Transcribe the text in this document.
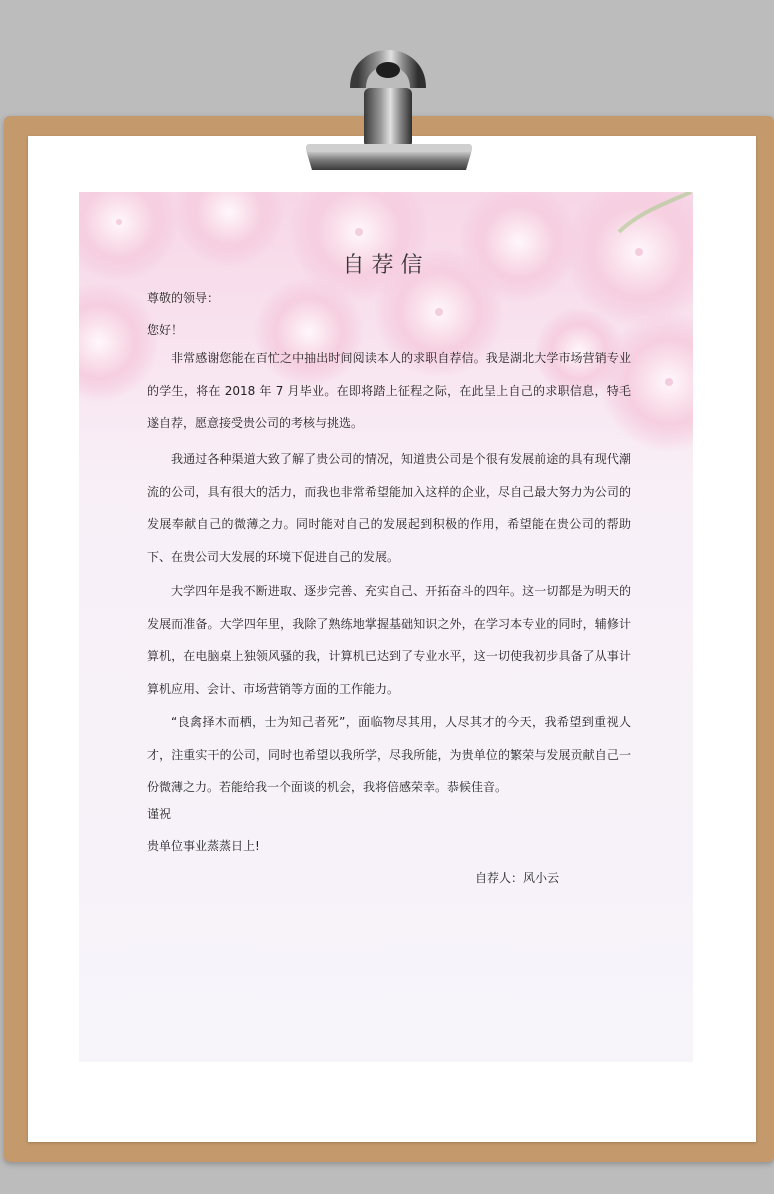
自荐信
尊敬的领导：
您好！

非常感谢您能在百忙之中抽出时间阅读本人的求职自荐信。我是湖北大学市场营销专业的学生，将在 2018 年 7 月毕业。在即将踏上征程之际，在此呈上自己的求职信息，特毛遂自荐，愿意接受贵公司的考核与挑选。

我通过各种渠道大致了解了贵公司的情况，知道贵公司是个很有发展前途的具有现代潮流的公司，具有很大的活力，而我也非常希望能加入这样的企业，尽自己最大努力为公司的发展奉献自己的微薄之力。同时能对自己的发展起到积极的作用，希望能在贵公司的帮助下、在贵公司大发展的环境下促进自己的发展。

大学四年是我不断进取、逐步完善、充实自己、开拓奋斗的四年。这一切都是为明天的发展而准备。大学四年里，我除了熟练地掌握基础知识之外，在学习本专业的同时，辅修计算机，在电脑桌上独领风骚的我，计算机已达到了专业水平，这一切使我初步具备了从事计算机应用、会计、市场营销等方面的工作能力。

“良禽择木而栖，士为知己者死”，面临物尽其用，人尽其才的今天，我希望到重视人才，注重实干的公司，同时也希望以我所学，尽我所能，为贵单位的繁荣与发展贡献自己一份微薄之力。若能给我一个面谈的机会，我将倍感荣幸。恭候佳音。

谨祝
贵单位事业蒸蒸日上!
自荐人：风小云
